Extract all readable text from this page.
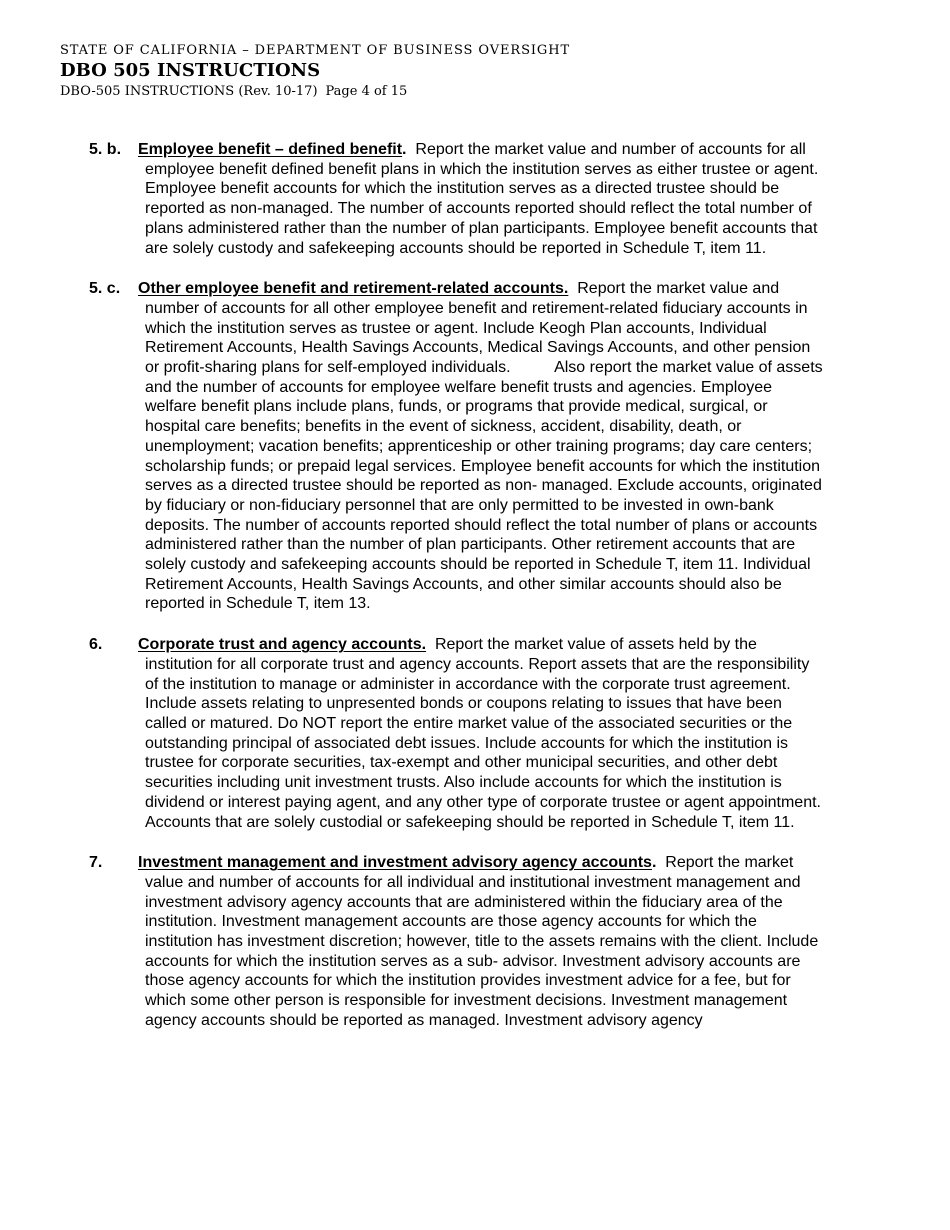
STATE OF CALIFORNIA – DEPARTMENT OF BUSINESS OVERSIGHT
DBO 505 INSTRUCTIONS
DBO-505 INSTRUCTIONS (Rev. 10-17) Page 4 of 15
5. b.	Employee benefit – defined benefit.  Report the market value and number of accounts for all
employee benefit defined benefit plans in which the institution serves as either trustee or agent.
Employee benefit accounts for which the institution serves as a directed trustee should be
reported as non-managed. The number of accounts reported should reflect the total number of
plans administered rather than the number of plan participants. Employee benefit accounts that
are solely custody and safekeeping accounts should be reported in Schedule T, item 11.
5. c.	Other employee benefit and retirement-related accounts.  Report the market value and
number of accounts for all other employee benefit and retirement-related fiduciary accounts in
which the institution serves as trustee or agent. Include Keogh Plan accounts, Individual
Retirement Accounts, Health Savings Accounts, Medical Savings Accounts, and other pension
or profit-sharing plans for self-employed individuals.          Also report the market value of assets
and the number of accounts for employee welfare benefit trusts and agencies. Employee
welfare benefit plans include plans, funds, or programs that provide medical, surgical, or
hospital care benefits; benefits in the event of sickness, accident, disability, death, or
unemployment; vacation benefits; apprenticeship or other training programs; day care centers;
scholarship funds; or prepaid legal services. Employee benefit accounts for which the institution
serves as a directed trustee should be reported as non- managed. Exclude accounts, originated
by fiduciary or non-fiduciary personnel that are only permitted to be invested in own-bank
deposits. The number of accounts reported should reflect the total number of plans or accounts
administered rather than the number of plan participants. Other retirement accounts that are
solely custody and safekeeping accounts should be reported in Schedule T, item 11. Individual
Retirement Accounts, Health Savings Accounts, and other similar accounts should also be
reported in Schedule T, item 13.
6.	Corporate trust and agency accounts.  Report the market value of assets held by the
institution for all corporate trust and agency accounts. Report assets that are the responsibility
of the institution to manage or administer in accordance with the corporate trust agreement.
Include assets relating to unpresented bonds or coupons relating to issues that have been
called or matured. Do NOT report the entire market value of the associated securities or the
outstanding principal of associated debt issues. Include accounts for which the institution is
trustee for corporate securities, tax-exempt and other municipal securities, and other debt
securities including unit investment trusts. Also include accounts for which the institution is
dividend or interest paying agent, and any other type of corporate trustee or agent appointment.
Accounts that are solely custodial or safekeeping should be reported in Schedule T, item 11.
7.	Investment management and investment advisory agency accounts.  Report the market
value and number of accounts for all individual and institutional investment management and
investment advisory agency accounts that are administered within the fiduciary area of the
institution. Investment management accounts are those agency accounts for which the
institution has investment discretion; however, title to the assets remains with the client. Include
accounts for which the institution serves as a sub- advisor. Investment advisory accounts are
those agency accounts for which the institution provides investment advice for a fee, but for
which some other person is responsible for investment decisions. Investment management
agency accounts should be reported as managed. Investment advisory agency
